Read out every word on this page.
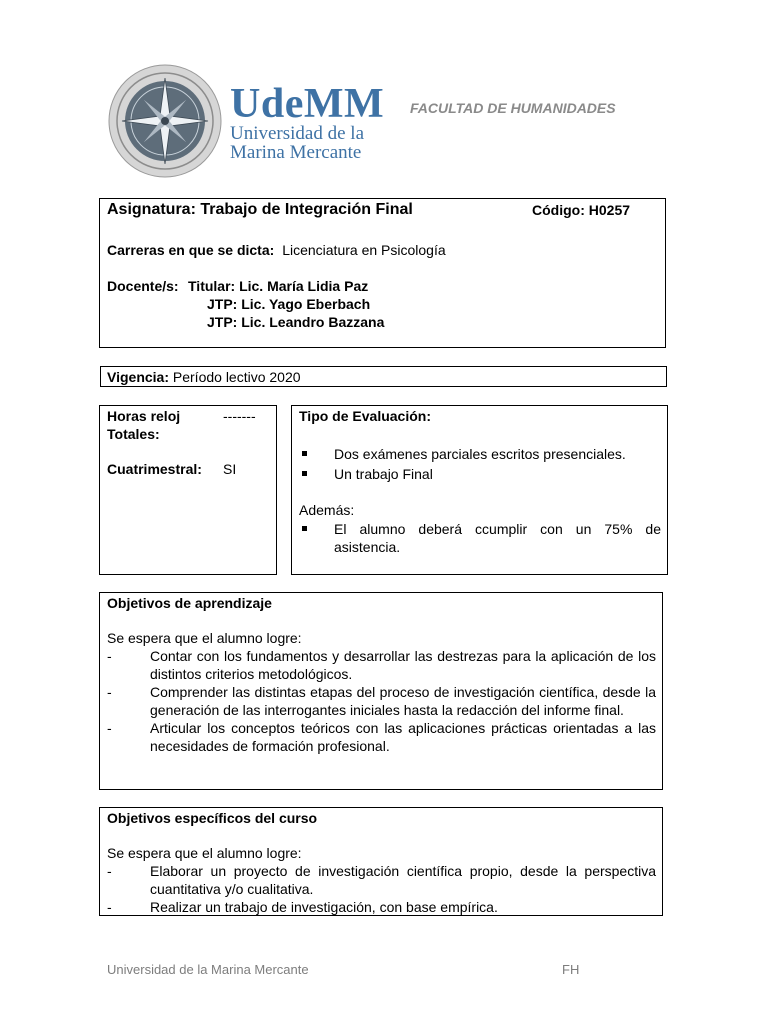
UdeMM
Universidad de la
Marina Mercante
FACULTAD DE HUMANIDADES
Asignatura: Trabajo de Integración Final	Código: H0257
Carreras en que se dicta: Licenciatura en Psicología
Docente/s: Titular: Lic. María Lidia Paz
JTP: Lic. Yago Eberbach
JTP: Lic. Leandro Bazzana
Vigencia: Período lectivo 2020
Horas reloj
Totales:
-------
Cuatrimestral: SI
Tipo de Evaluación:
Dos exámenes parciales escritos presenciales.
Un trabajo Final
Además:
El alumno deberá ccumplir con un 75% de asistencia.
Objetivos de aprendizaje
Se espera que el alumno logre:
-	Contar con los fundamentos y desarrollar las destrezas para la aplicación de los distintos criterios metodológicos.
-	Comprender las distintas etapas del proceso de investigación científica, desde la generación de las interrogantes iniciales hasta la redacción del informe final.
-	Articular los conceptos teóricos con las aplicaciones prácticas orientadas a las necesidades de formación profesional.
Objetivos específicos del curso
Se espera que el alumno logre:
-	Elaborar un proyecto de investigación científica propio, desde la perspectiva cuantitativa y/o cualitativa.
-	Realizar un trabajo de investigación, con base empírica.
Universidad de la Marina Mercante	FH
